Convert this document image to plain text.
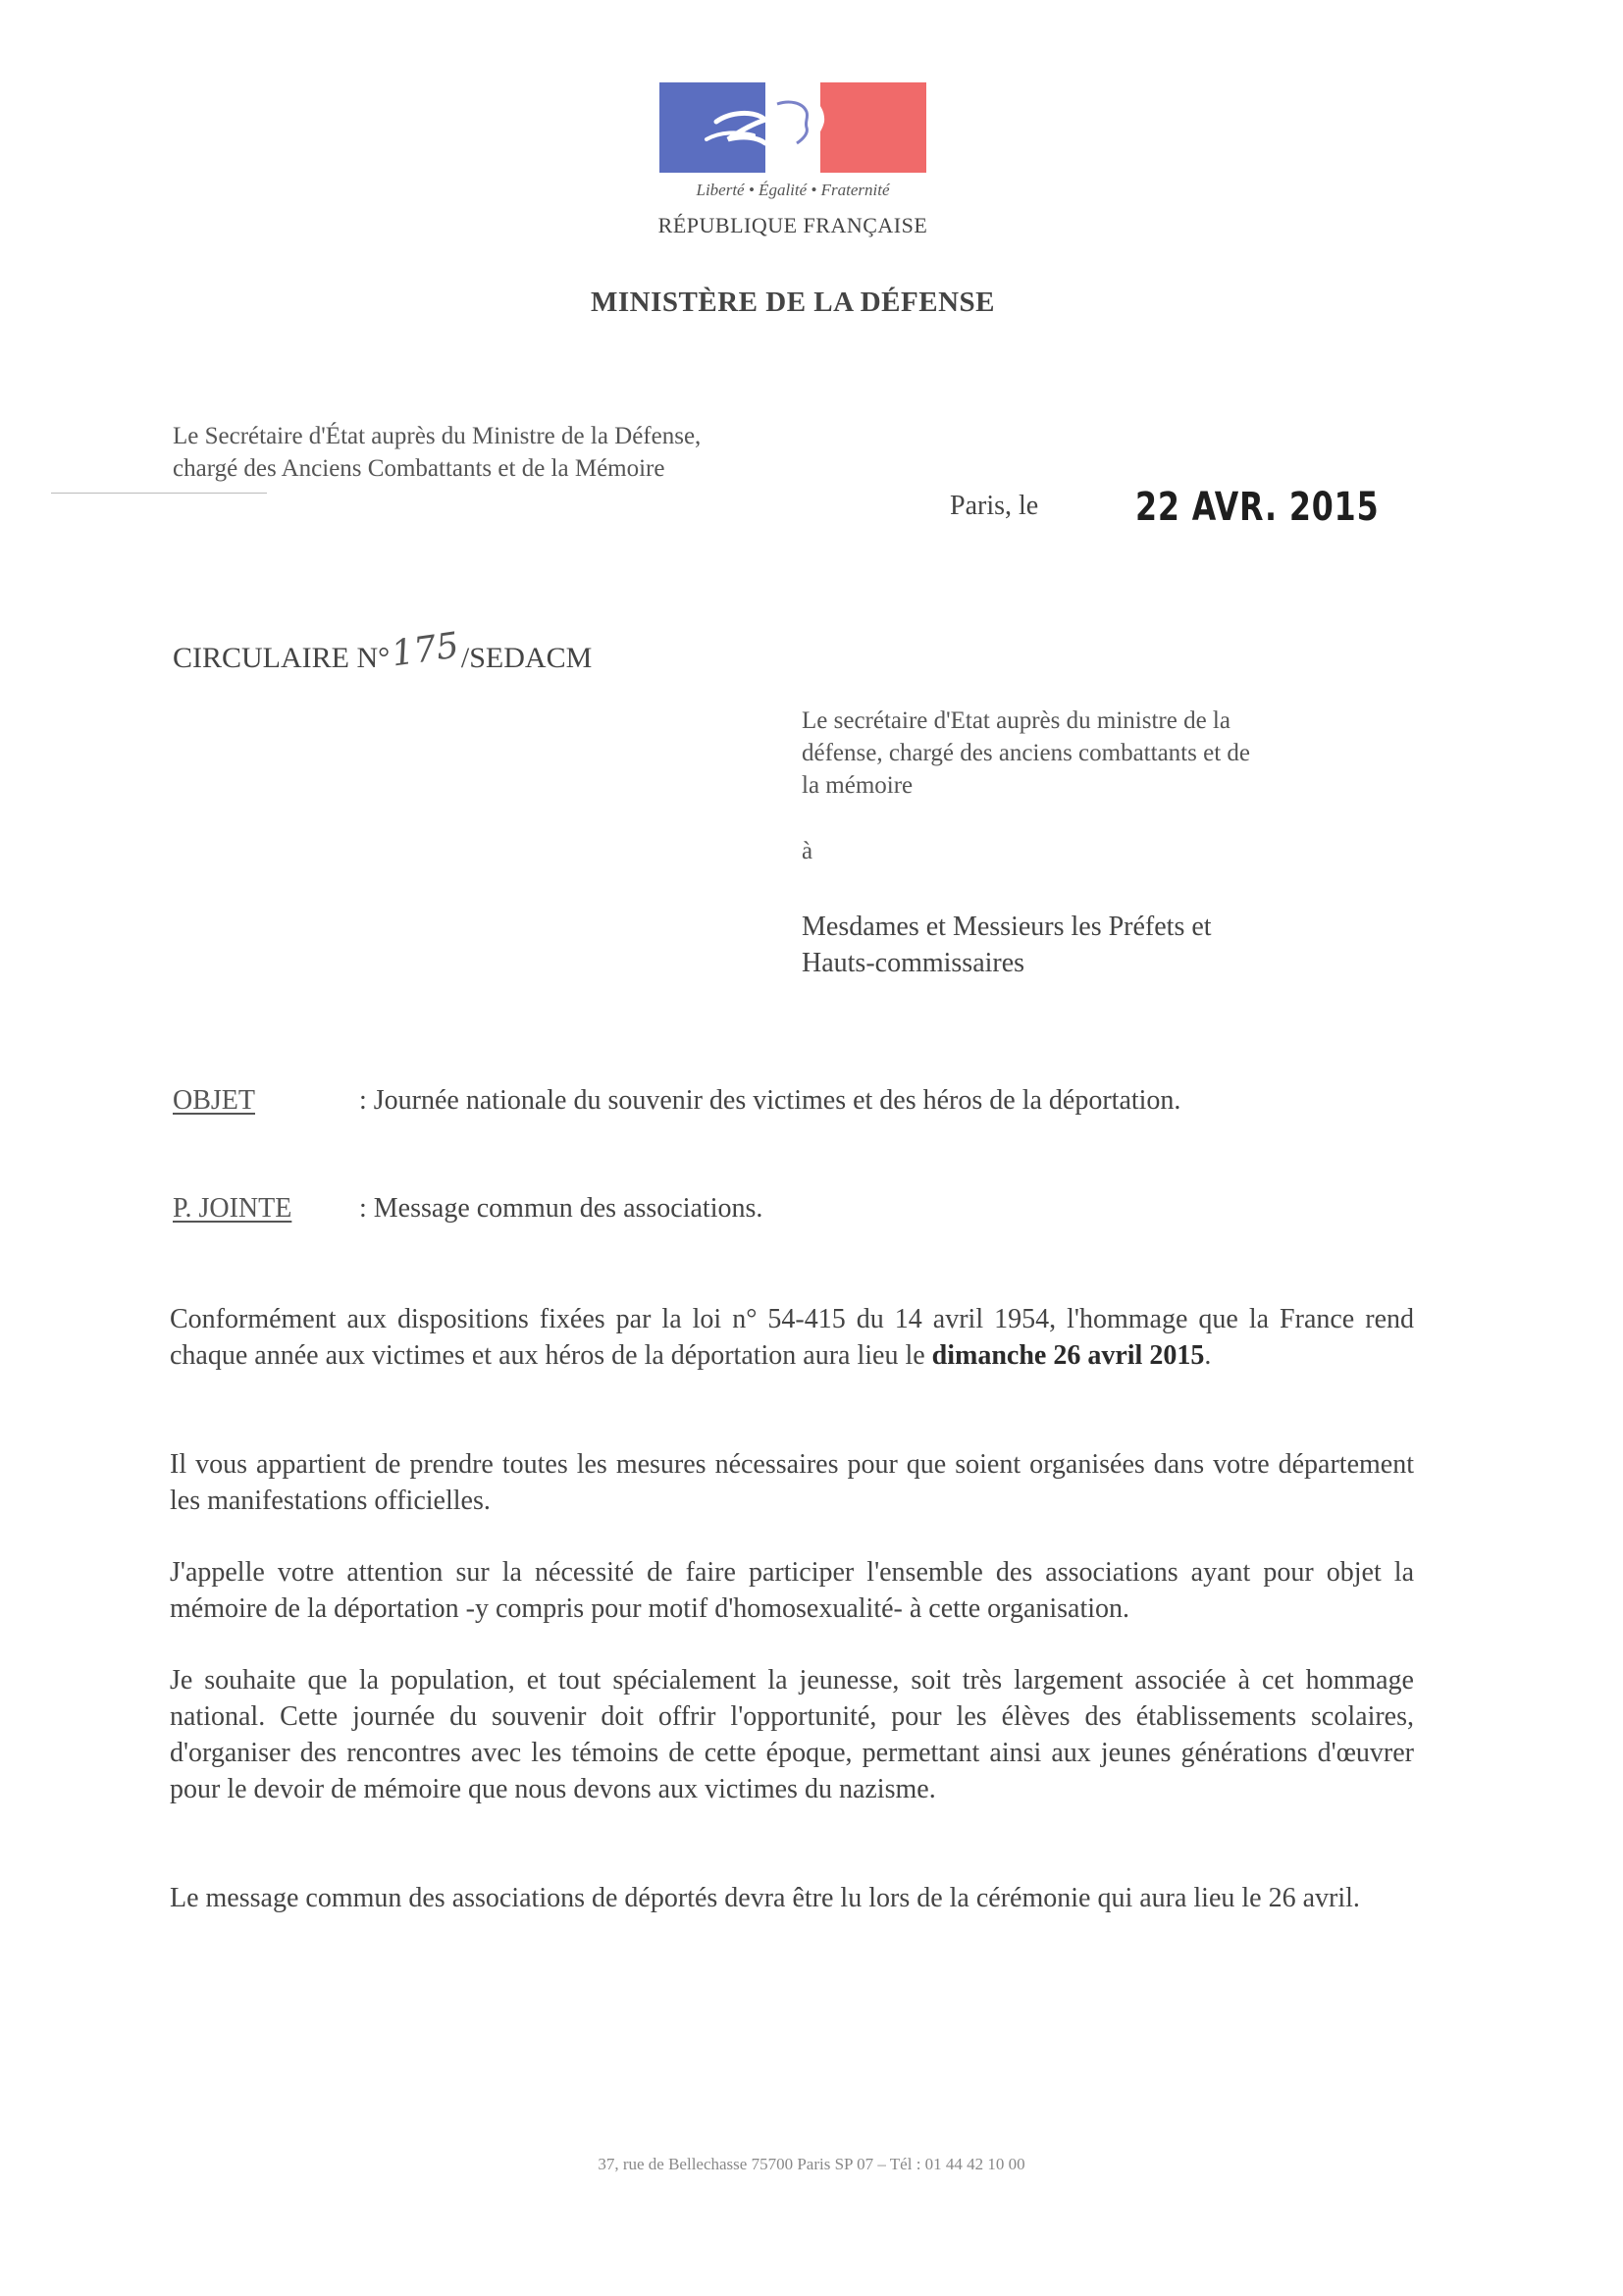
Liberté • Égalité • Fraternité
RÉPUBLIQUE FRANÇAISE
MINISTÈRE DE LA DÉFENSE
Le Secrétaire d'État auprès du Ministre de la Défense,
chargé des Anciens Combattants et de la Mémoire
Paris, le 22 AVR. 2015
CIRCULAIRE N°175/SEDACM
Le secrétaire d'Etat auprès du ministre de la
défense, chargé des anciens combattants et de
la mémoire
à
Mesdames et Messieurs les Préfets et
Hauts-commissaires
OBJET	: Journée nationale du souvenir des victimes et des héros de la déportation.
P. JOINTE : Message commun des associations.
Conformément aux dispositions fixées par la loi n° 54-415 du 14 avril 1954, l'hommage que la France rend chaque année aux victimes et aux héros de la déportation aura lieu le dimanche 26 avril 2015.
Il vous appartient de prendre toutes les mesures nécessaires pour que soient organisées dans votre département les manifestations officielles.
J'appelle votre attention sur la nécessité de faire participer l'ensemble des associations ayant pour objet la mémoire de la déportation -y compris pour motif d'homosexualité- à cette organisation.
Je souhaite que la population, et tout spécialement la jeunesse, soit très largement associée à cet hommage national. Cette journée du souvenir doit offrir l'opportunité, pour les élèves des établissements scolaires, d'organiser des rencontres avec les témoins de cette époque, permettant ainsi aux jeunes générations d'œuvrer pour le devoir de mémoire que nous devons aux victimes du nazisme.
Le message commun des associations de déportés devra être lu lors de la cérémonie qui aura lieu le 26 avril.
37, rue de Bellechasse 75700 Paris SP 07 – Tél : 01 44 42 10 00
